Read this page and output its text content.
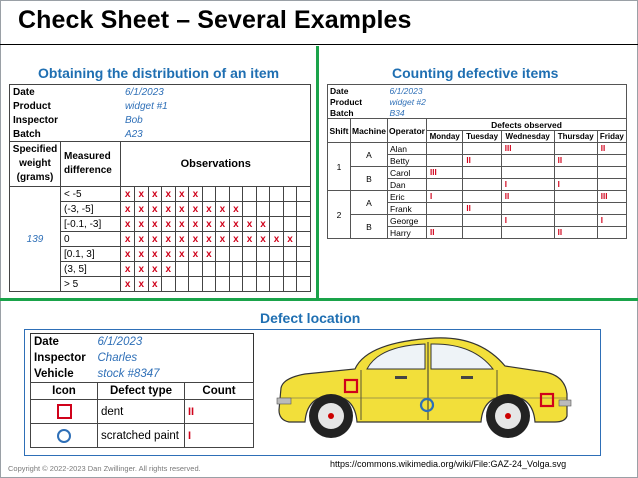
Check Sheet – Several Examples
Obtaining the distribution of an item	Counting defective items
Defect location
Date		6/1/2023													
Product		widget #1													
Inspector		Bob													
Batch		A23													
Specified weight (grams)	Measured difference	Observations													
139	< -5	x	x	x	x	x	x								
	(-3, -5]	x	x	x	x	x	x	x	x	x					
	[-0.1, -3]	x	x	x	x	x	x	x	x	x	x	x			
	0	x	x	x	x	x	x	x	x	x	x	x	x	x	
	[0.1, 3]	x	x	x	x	x	x	x							
	(3, 5]	x	x	x	x										
	> 5	x	x	x											
Date		6/1/2023					
Product		widget #2					
Batch		B34					
Shift	Machine	Operator	Defects observed				
			Monday	Tuesday	Wednesday	Thursday	Friday
1	A	Alan			III		II
		Betty		II		II	
	B	Carol	III				
		Dan			I	I	
2	A	Eric	I		II		III
		Frank		II			
	B	George			I		I
		Harry	II			II	
Date	6/1/2023	
Inspector	Charles	
Vehicle	stock #8347	
Icon	Defect type	Count
	dent	II
	scratched paint	I
Copyright © 2022-2023 Dan Zwillinger. All rights reserved.	https://commons.wikimedia.org/wiki/File:GAZ-24_Volga.svg
